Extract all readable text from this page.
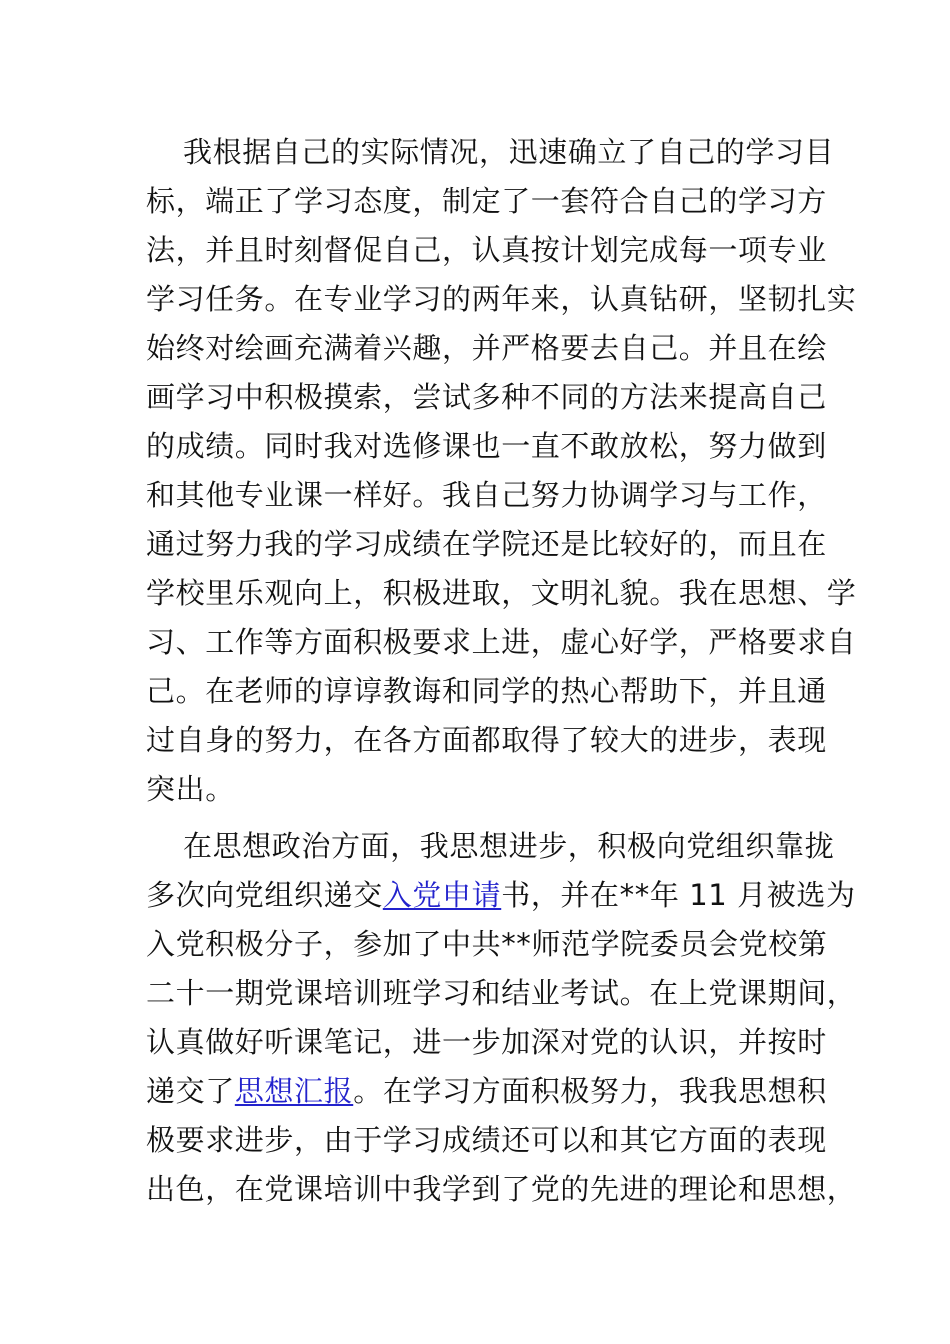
我根据自己的实际情况，迅速确立了自己的学习目
标，端正了学习态度，制定了一套符合自己的学习方
法，并且时刻督促自己，认真按计划完成每一项专业
学习任务。在专业学习的两年来，认真钻研，坚韧扎实
始终对绘画充满着兴趣，并严格要去自己。并且在绘
画学习中积极摸索，尝试多种不同的方法来提高自己
的成绩。同时我对选修课也一直不敢放松，努力做到
和其他专业课一样好。我自己努力协调学习与工作，
通过努力我的学习成绩在学院还是比较好的，而且在
学校里乐观向上，积极进取，文明礼貌。我在思想、学
习、工作等方面积极要求上进，虚心好学，严格要求自
己。在老师的谆谆教诲和同学的热心帮助下，并且通
过自身的努力，在各方面都取得了较大的进步，表现
突出。
在思想政治方面，我思想进步，积极向党组织靠拢
多次向党组织递交入党申请书，并在**年 11 月被选为
入党积极分子，参加了中共**师范学院委员会党校第
二十一期党课培训班学习和结业考试。在上党课期间，
认真做好听课笔记，进一步加深对党的认识，并按时
递交了思想汇报。在学习方面积极努力，我我思想积
极要求进步，由于学习成绩还可以和其它方面的表现
出色，在党课培训中我学到了党的先进的理论和思想，
